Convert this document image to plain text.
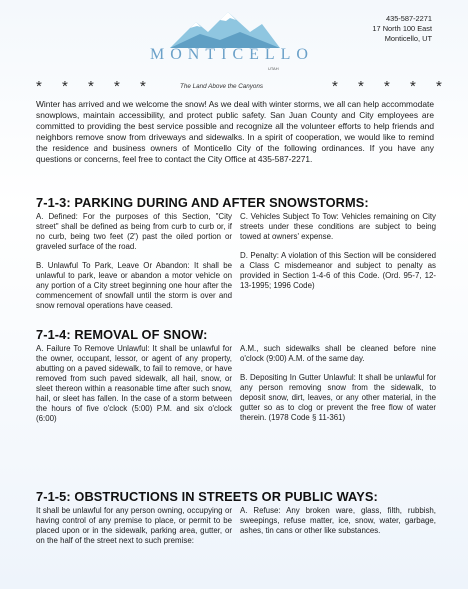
MONTICELLO
UTAH
435-587-2271
17 North 100 East
Monticello, UT
* * * * *	The Land Above the Canyons	* * * * *

Winter has arrived and we welcome the snow! As we deal with winter storms, we all can help accommodate snowplows, maintain accessibility, and protect public safety. San Juan County and City employees are committed to providing the best service possible and recognize all the volunteer efforts to help friends and neighbors remove snow from driveways and sidewalks. In a spirit of cooperation, we would like to remind the residence and business owners of Monticello City of the following ordinances. If you have any questions or concerns, feel free to contact the City Office at 435-587-2271.

7-1-3: PARKING DURING AND AFTER SNOWSTORMS:

A. Defined: For the purposes of this Section, "City street" shall be defined as being from curb to curb or, if no curb, being two feet (2') past the oiled portion or graveled surface of the road.

B. Unlawful To Park, Leave Or Abandon: It shall be unlawful to park, leave or abandon a motor vehicle on any portion of a City street beginning one hour after the commencement of snowfall until the storm is over and snow removal operations have ceased.

C. Vehicles Subject To Tow: Vehicles remaining on City streets under these conditions are subject to being towed at owners' expense.

D. Penalty: A violation of this Section will be considered a Class C misdemeanor and subject to penalty as provided in Section 1-4-6 of this Code. (Ord. 95-7, 12-13-1995; 1996 Code)

7-1-4: REMOVAL OF SNOW:

A. Failure To Remove Unlawful: It shall be unlawful for the owner, occupant, lessor, or agent of any property, abutting on a paved sidewalk, to fail to remove, or have removed from such paved sidewalk, all hail, snow, or sleet thereon within a reasonable time after such snow, hail, or sleet has fallen. In the case of a storm between the hours of five o'clock (5:00) P.M. and six o'clock (6:00)

A.M., such sidewalks shall be cleaned before nine o'clock (9:00) A.M. of the same day.

B. Depositing In Gutter Unlawful: It shall be unlawful for any person removing snow from the sidewalk, to deposit snow, dirt, leaves, or any other material, in the gutter so as to clog or prevent the free flow of water therein. (1978 Code § 11-361)

7-1-5: OBSTRUCTIONS IN STREETS OR PUBLIC WAYS:

It shall be unlawful for any person owning, occupying or having control of any premise to place, or permit to be placed upon or in the sidewalk, parking area, gutter, or on the half of the street next to such premise:

A. Refuse: Any broken ware, glass, filth, rubbish, sweepings, refuse matter, ice, snow, water, garbage, ashes, tin cans or other like substances.
